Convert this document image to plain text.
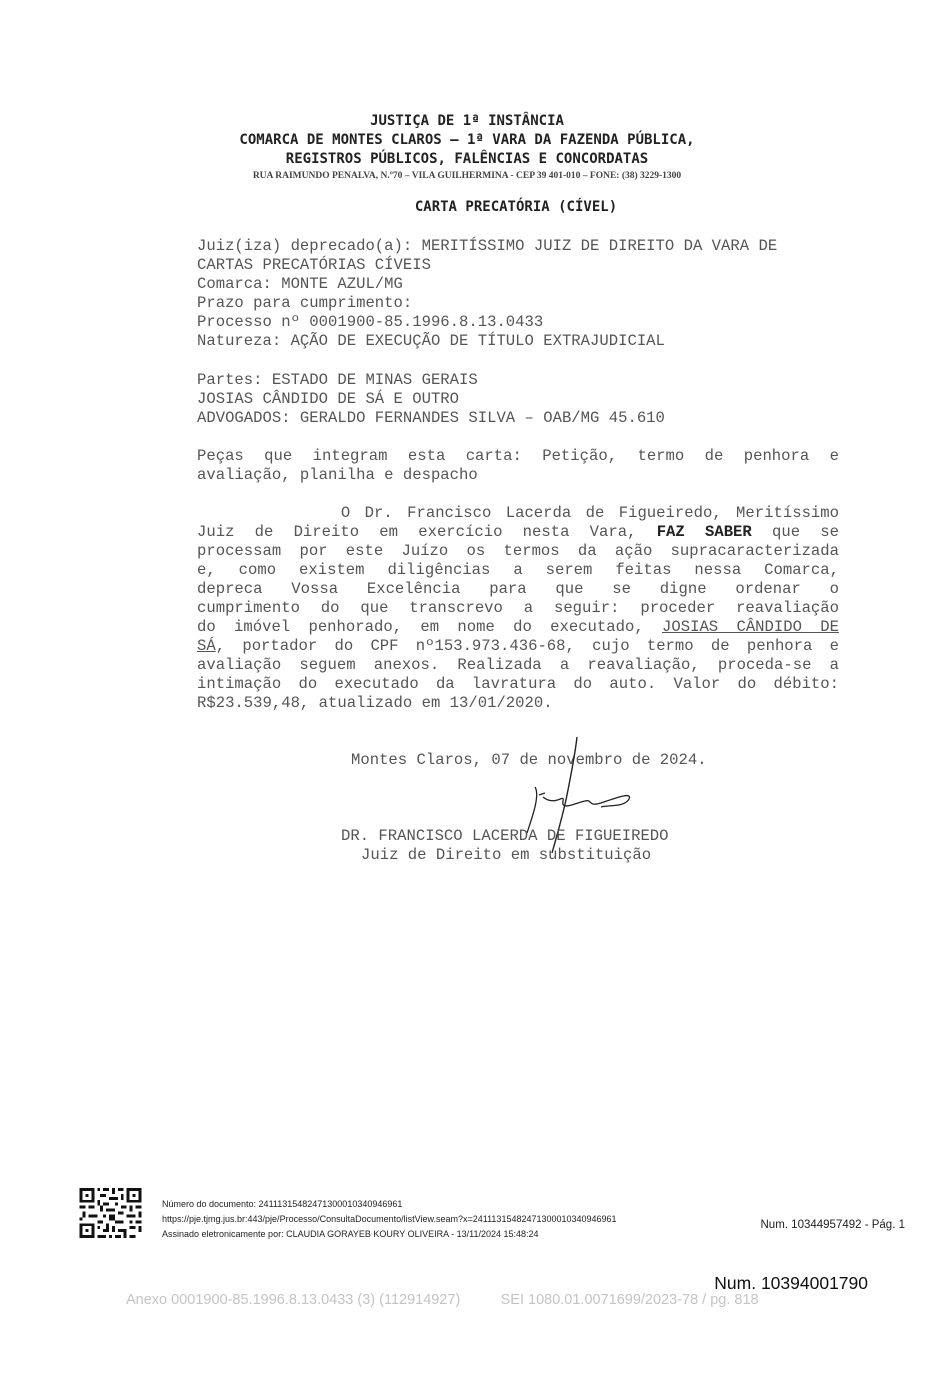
JUSTIÇA DE 1ª INSTÂNCIA
COMARCA DE MONTES CLAROS – 1ª VARA DA FAZENDA PÚBLICA,
REGISTROS PÚBLICOS, FALÊNCIAS E CONCORDATAS
RUA RAIMUNDO PENALVA, N.º70 – VILA GUILHERMINA - CEP 39 401-010 – FONE: (38) 3229-1300
CARTA PRECATÓRIA (CÍVEL)
Juiz(iza) deprecado(a): MERITÍSSIMO JUIZ DE DIREITO DA VARA DE
CARTAS PRECATÓRIAS CÍVEIS
Comarca: MONTE AZUL/MG
Prazo para cumprimento:
Processo nº 0001900-85.1996.8.13.0433
Natureza: AÇÃO DE EXECUÇÃO DE TÍTULO EXTRAJUDICIAL
Partes: ESTADO DE MINAS GERAIS
JOSIAS CÂNDIDO DE SÁ E OUTRO
ADVOGADOS: GERALDO FERNANDES SILVA – OAB/MG 45.610
Peças que integram esta carta: Petição, termo de penhora e
avaliação, planilha e despacho
O Dr. Francisco Lacerda de Figueiredo, Meritíssimo
Juiz de Direito em exercício nesta Vara, FAZ SABER que se
processam por este Juízo os termos da ação supracaracterizada
e, como existem diligências a serem feitas nessa Comarca,
depreca Vossa Excelência para que se digne ordenar o
cumprimento do que transcrevo a seguir: proceder reavaliação
do imóvel penhorado, em nome do executado, JOSIAS CÂNDIDO DE
SÁ, portador do CPF nº153.973.436-68, cujo termo de penhora e
avaliação seguem anexos. Realizada a reavaliação, proceda-se a
intimação do executado da lavratura do auto. Valor do débito:
R$23.539,48, atualizado em 13/01/2020.
Montes Claros, 07 de novembro de 2024.
DR. FRANCISCO LACERDA DE FIGUEIREDO
Juiz de Direito em substituição
Número do documento: 24111315482471300010340946961
https://pje.tjmg.jus.br:443/pje/Processo/ConsultaDocumento/listView.seam?x=24111315482471300010340946961
Assinado eletronicamente por: CLAUDIA GORAYEB KOURY OLIVEIRA - 13/11/2024 15:48:24
Num. 10344957492 - Pág. 1
Num. 10394001790
Anexo 0001900-85.1996.8.13.0433 (3) (112914927)	SEI 1080.01.0071699/2023-78 / pg. 818
